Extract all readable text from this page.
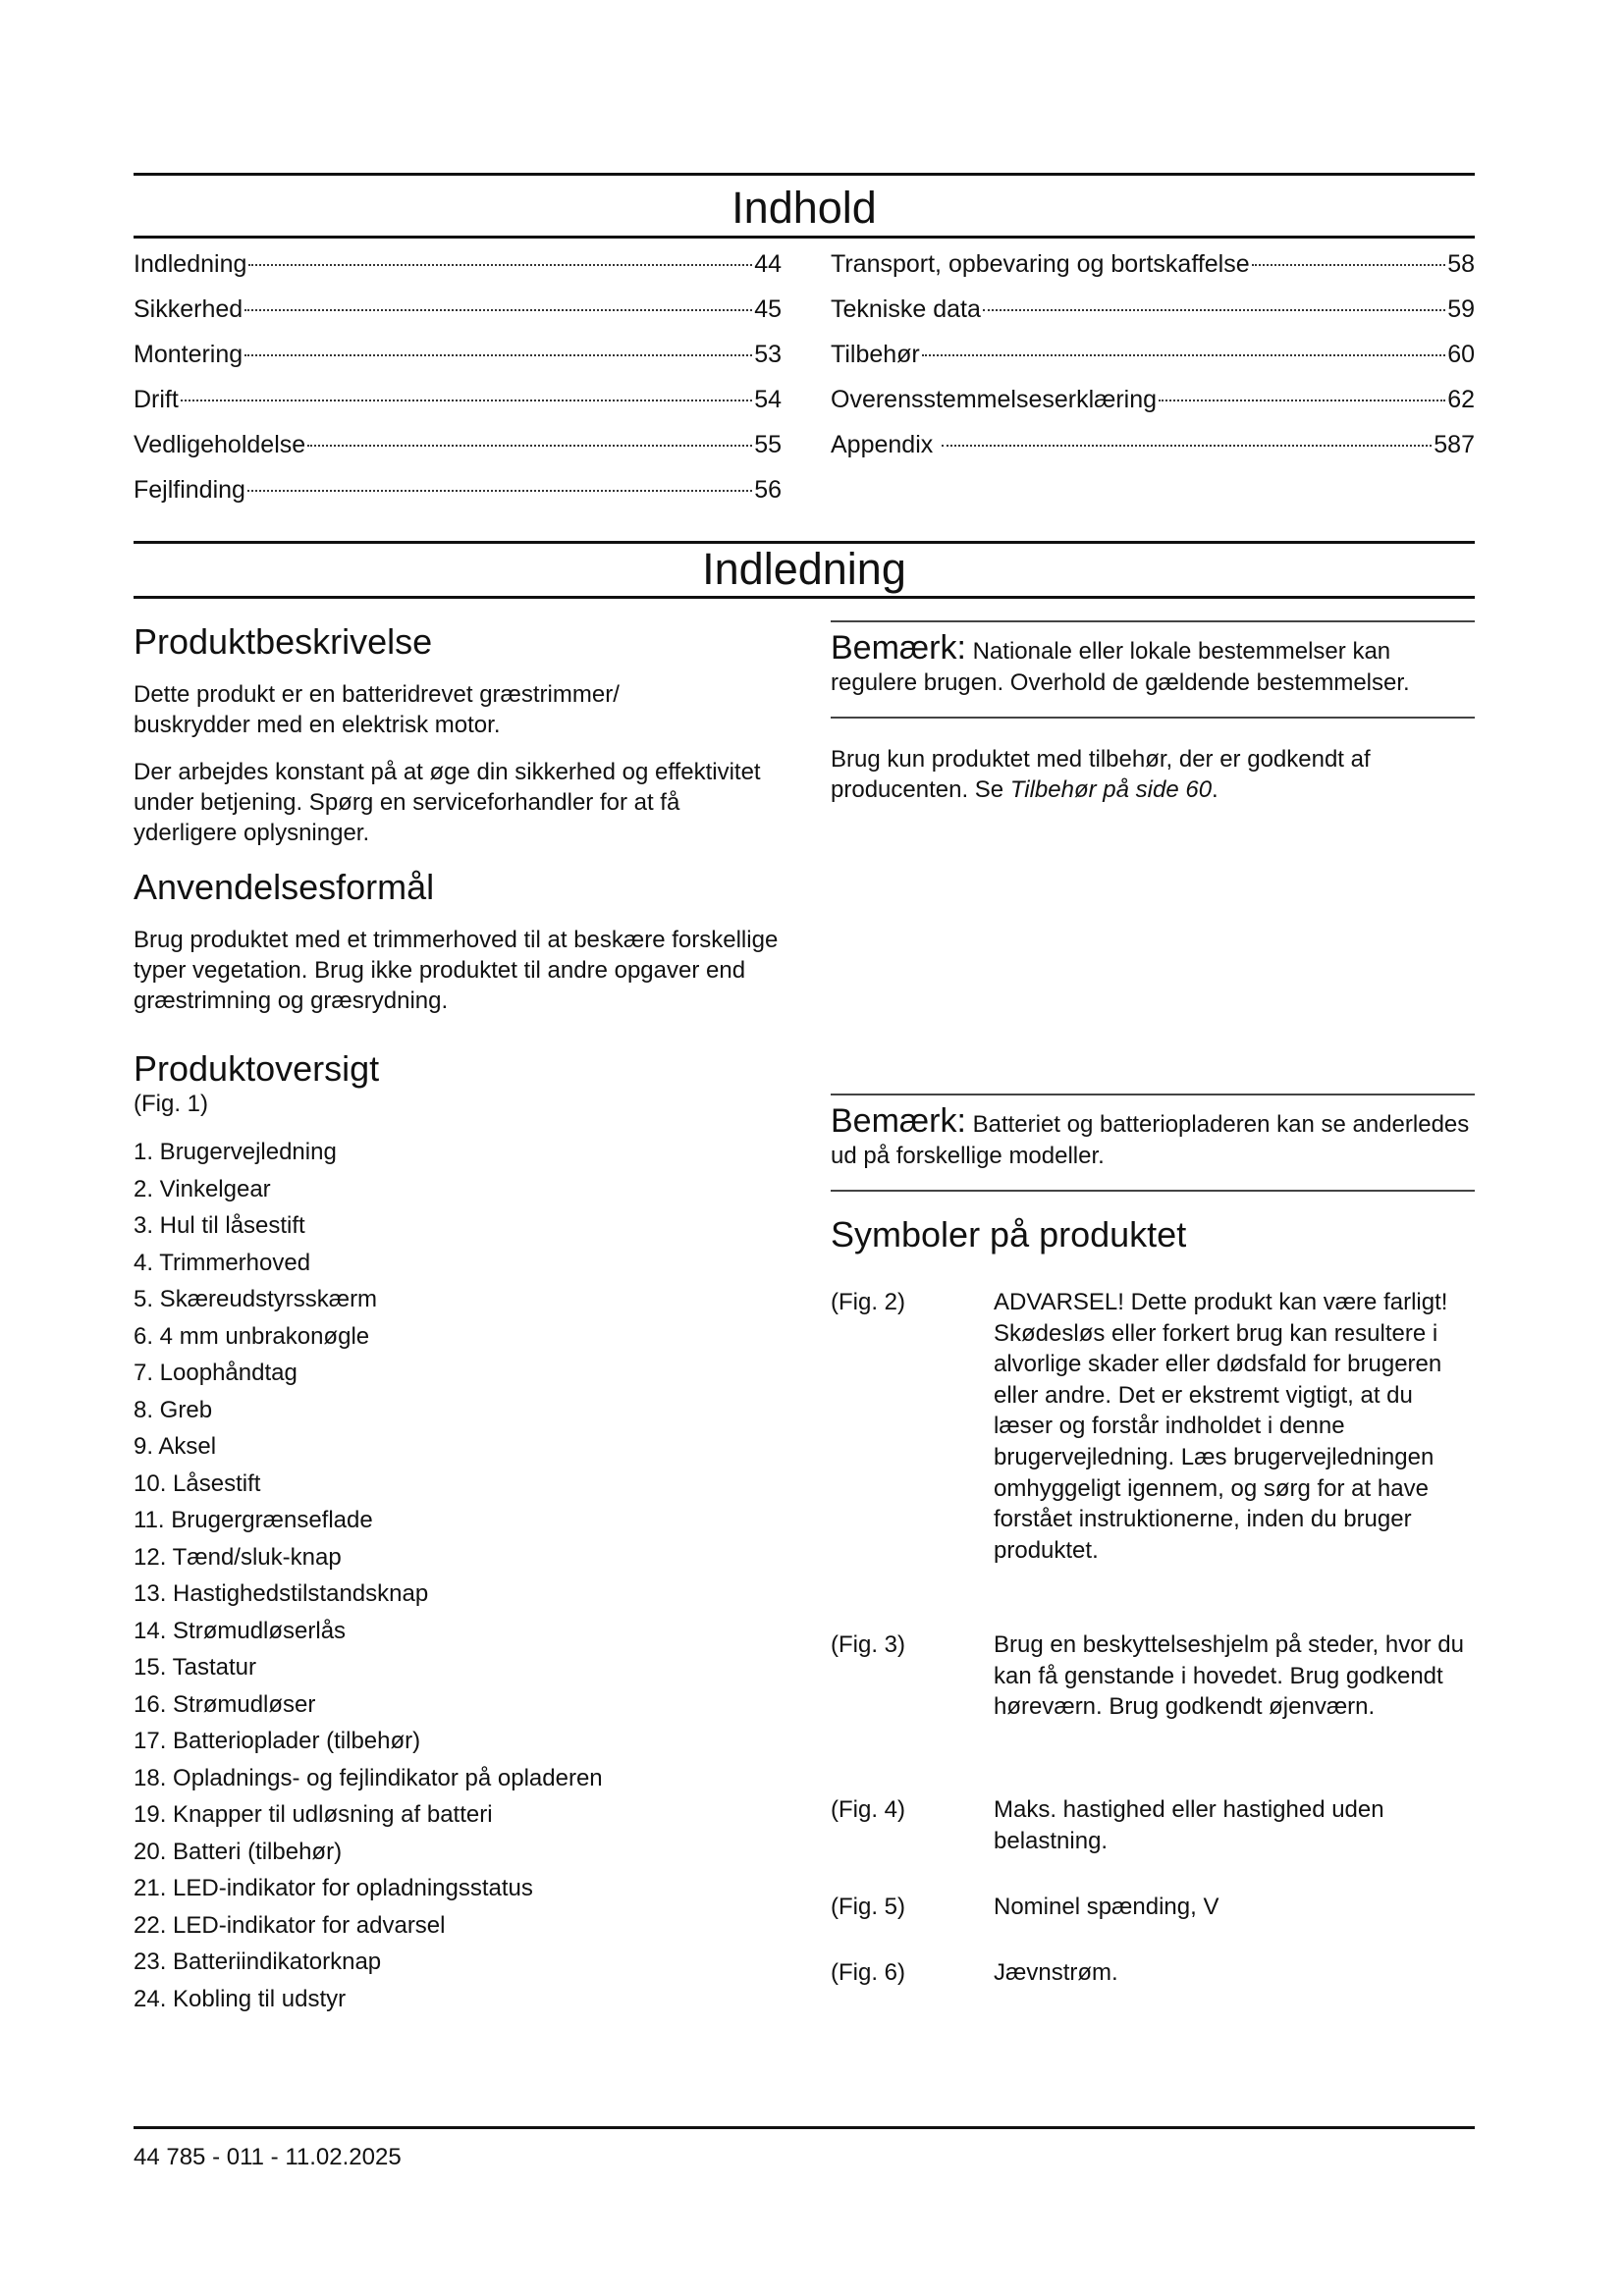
Indhold
Indledning	44
Sikkerhed	45
Montering	53
Drift	54
Vedligeholdelse	55
Fejlfinding	56
Transport, opbevaring og bortskaffelse	58
Tekniske data	59
Tilbehør	60
Overensstemmelseserklæring	62
Appendix	587
Indledning
Produktbeskrivelse

Dette produkt er en batteridrevet græstrimmer/ buskrydder med en elektrisk motor.

Der arbejdes konstant på at øge din sikkerhed og effektivitet under betjening. Spørg en serviceforhandler for at få yderligere oplysninger.

Anvendelsesformål

Brug produktet med et trimmerhoved til at beskære forskellige typer vegetation. Brug ikke produktet til andre opgaver end græstrimning og græsrydning.

Produktoversigt
(Fig. 1)
1. Brugervejledning
2. Vinkelgear
3. Hul til låsestift
4. Trimmerhoved
5. Skæreudstyrsskærm
6. 4 mm unbrakonøgle
7. Loophåndtag
8. Greb
9. Aksel
10. Låsestift
11. Brugergrænseflade
12. Tænd/sluk-knap
13. Hastighedstilstandsknap
14. Strømudløserlås
15. Tastatur
16. Strømudløser
17. Batterioplader (tilbehør)
18. Opladnings- og fejlindikator på opladeren
19. Knapper til udløsning af batteri
20. Batteri (tilbehør)
21. LED-indikator for opladningsstatus
22. LED-indikator for advarsel
23. Batteriindikatorknap
24. Kobling til udstyr

Bemærk: Nationale eller lokale bestemmelser kan regulere brugen. Overhold de gældende bestemmelser.

Brug kun produktet med tilbehør, der er godkendt af producenten. Se Tilbehør på side 60.

Bemærk: Batteriet og batteriopladeren kan se anderledes ud på forskellige modeller.

Symboler på produktet
(Fig. 2)	ADVARSEL! Dette produkt kan være farligt! Skødesløs eller forkert brug kan resultere i alvorlige skader eller dødsfald for brugeren eller andre. Det er ekstremt vigtigt, at du læser og forstår indholdet i denne brugervejledning. Læs brugervejledningen omhyggeligt igennem, og sørg for at have forstået instruktionerne, inden du bruger produktet.
(Fig. 3)	Brug en beskyttelseshjelm på steder, hvor du kan få genstande i hovedet. Brug godkendt høreværn. Brug godkendt øjenværn.
(Fig. 4)	Maks. hastighed eller hastighed uden belastning.
(Fig. 5)	Nominel spænding, V
(Fig. 6)	Jævnstrøm.
44 785 - 011 - 11.02.2025
